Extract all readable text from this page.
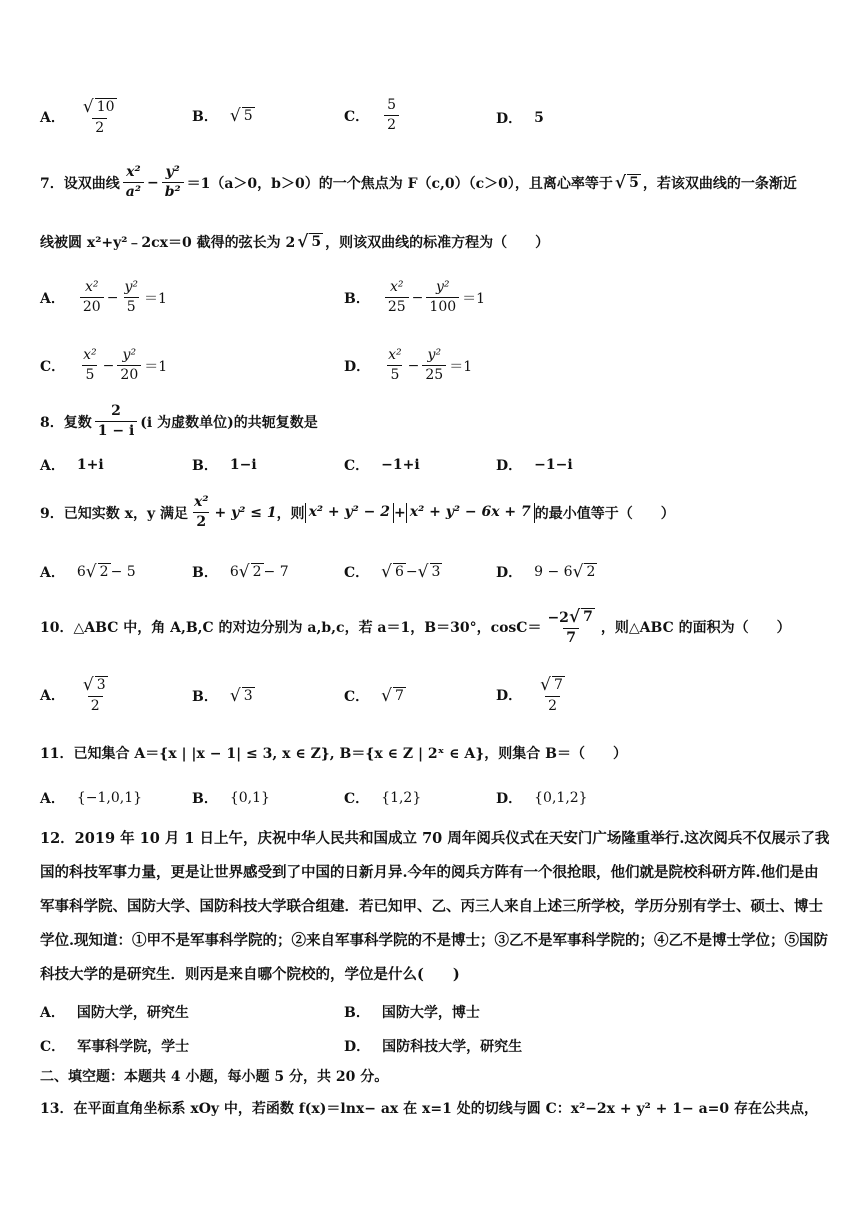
A． $\frac{√ 10}{2}$	B． √ 5	C． $\frac{5}{2}$	D． 5
7． 设双曲线 $\frac{\text{x²}}{\text{a²}} - \frac{\text{y²}}{\text{b²}} =1$ （a＞0，b＞0）的一个焦点为 F（c,0）（c＞0），且离心率等于 √ 5 ，若该双曲线的一条渐近
线被圆 x²+y²﹣2cx＝0 截得的弦长为 2 √ 5 ，则该双曲线的标准方程为（　　）
A． $\frac{\text{x²}}{20} - \frac{\text{y²}}{5} =1$	B． $\frac{\text{x²}}{25} - \frac{\text{y²}}{100} =1$
C． $\frac{\text{x²}}{5} - \frac{\text{y²}}{20} =1$	D． $\frac{\text{x²}}{5} - \frac{\text{y²}}{25} =1$
8． 复数 $\frac{2}{1 - i} (i$ 为虚数单位)的共轭复数是
A． 1+i	B． 1−i	C． −1+i	D． −1−i
9． 已知实数 x，y 满足 $\frac{\text{x²}}{2} + y^2 \le 1$ ，则 x² + y² − 2 + x² + y² − 6x + 7 的最小值等于（　　）
A． 6 √ 2 − 5	B． 6 √ 2 − 7	C． √ 6 − √ 3	D． 9 − 6 √ 2
10． △ABC 中，角 A,B,C 的对边分别为 a,b,c，若 a＝1，B＝30°，$\cos C= \frac{-2 √ 7}{7}$ ，则△ABC 的面积为（　　）
A． $\frac{√ 3}{2}$	B． √ 3	C． √ 7	D． $\frac{√ 7}{2}$
11． 已知集合 A＝{x | |x − 1| ≤ 3, x ∈ Z}, B＝{x ∈ Z | 2ˣ ∈ A}，则集合 B＝（　　）
A． {−1,0,1}	B． {0,1}	C． {1,2}	D． {0,1,2}
12．2019 年 10 月 1 日上午，庆祝中华人民共和国成立 70 周年阅兵仪式在天安门广场隆重举行.这次阅兵不仅展示了我国的科技军事力量，更是让世界感受到了中国的日新月异.今年的阅兵方阵有一个很抢眼，他们就是院校科研方阵.他们是由军事科学院、国防大学、国防科技大学联合组建．若已知甲、乙、丙三人来自上述三所学校，学历分别有学士、硕士、博士学位.现知道：①甲不是军事科学院的；②来自军事科学院的不是博士；③乙不是军事科学院的；④乙不是博士学位；⑤国防科技大学的是研究生．则丙是来自哪个院校的，学位是什么(　　)
A． 国防大学，研究生	B． 国防大学，博士
C． 军事科学院，学士	D． 国防科技大学，研究生
二、填空题：本题共 4 小题，每小题 5 分，共 20 分。
13．在平面直角坐标系 xOy 中，若函数 f(x)＝lnx− ax 在 x=1 处的切线与圆 C：x²−2x + y² + 1− a=0 存在公共点，
